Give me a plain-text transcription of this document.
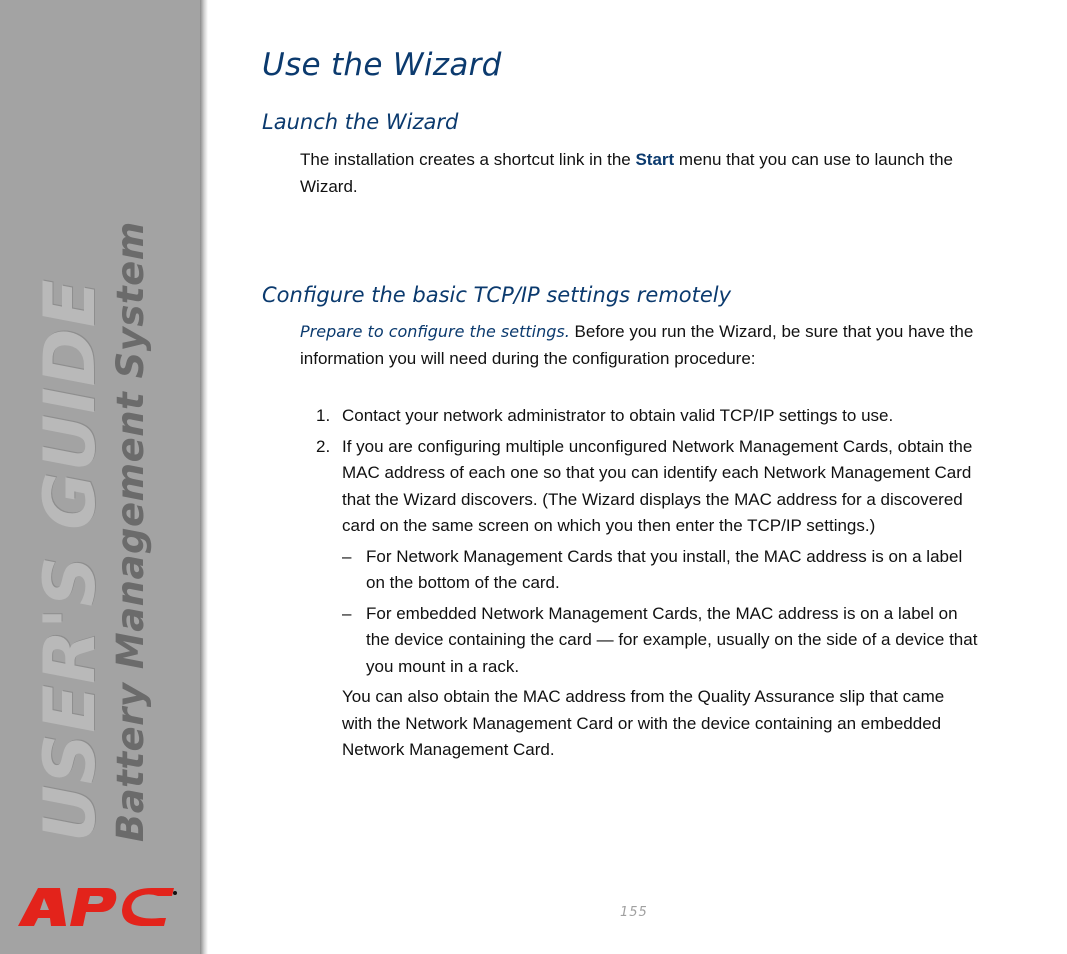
USER'S GUIDE
Battery Management System
Use the Wizard
Launch the Wizard

The installation creates a shortcut link in the Start menu that you can use to launch the Wizard.

Configure the basic TCP/IP settings remotely

Prepare to configure the settings. Before you run the Wizard, be sure that you have the information you will need during the configuration procedure:

1. Contact your network administrator to obtain valid TCP/IP settings to use.
2. If you are configuring multiple unconfigured Network Management Cards, obtain the MAC address of each one so that you can identify each Network Management Card that the Wizard discovers. (The Wizard displays the MAC address for a discovered card on the same screen on which you then enter the TCP/IP settings.)
– For Network Management Cards that you install, the MAC address is on a label on the bottom of the card.
– For embedded Network Management Cards, the MAC address is on a label on the device containing the card — for example, usually on the side of a device that you mount in a rack.
You can also obtain the MAC address from the Quality Assurance slip that came with the Network Management Card or with the device containing an embedded Network Management Card.
155
